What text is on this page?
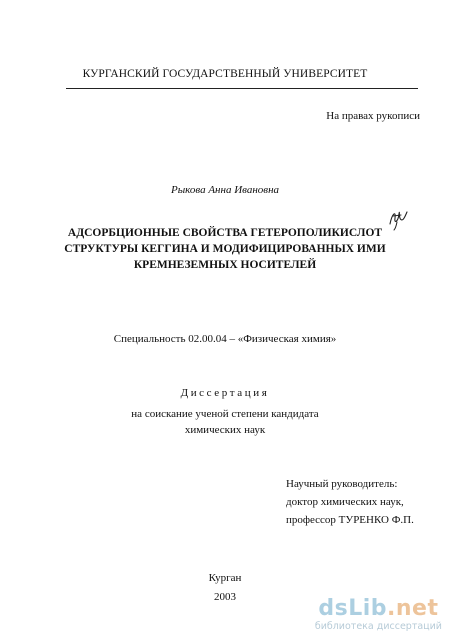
КУРГАНСКИЙ ГОСУДАРСТВЕННЫЙ УНИВЕРСИТЕТ
На правах рукописи
Рыкова Анна Ивановна
АДСОРБЦИОННЫЕ СВОЙСТВА ГЕТЕРОПОЛИКИСЛОТ
СТРУКТУРЫ КЕГГИНА И МОДИФИЦИРОВАННЫХ ИМИ
КРЕМНЕЗЕМНЫХ НОСИТЕЛЕЙ
Специальность 02.00.04 – «Физическая химия»
Диссертация
на соискание ученой степени кандидата
химических наук
Научный руководитель:
доктор химических наук,
профессор ТУРЕНКО Ф.П.
Курган
2003	dsLib.net
библиотека диссертаций
